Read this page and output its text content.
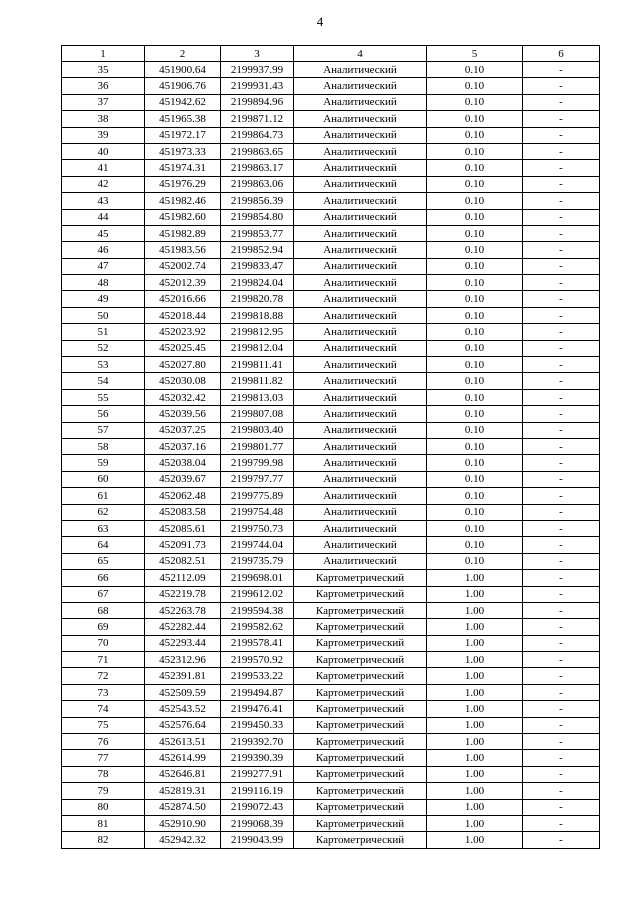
4
1	2	3	4	5	6
35	451900.64	2199937.99	Аналитический	0.10	-
36	451906.76	2199931.43	Аналитический	0.10	-
37	451942.62	2199894.96	Аналитический	0.10	-
38	451965.38	2199871.12	Аналитический	0.10	-
39	451972.17	2199864.73	Аналитический	0.10	-
40	451973.33	2199863.65	Аналитический	0.10	-
41	451974.31	2199863.17	Аналитический	0.10	-
42	451976.29	2199863.06	Аналитический	0.10	-
43	451982.46	2199856.39	Аналитический	0.10	-
44	451982.60	2199854.80	Аналитический	0.10	-
45	451982.89	2199853.77	Аналитический	0.10	-
46	451983.56	2199852.94	Аналитический	0.10	-
47	452002.74	2199833.47	Аналитический	0.10	-
48	452012.39	2199824.04	Аналитический	0.10	-
49	452016.66	2199820.78	Аналитический	0.10	-
50	452018.44	2199818.88	Аналитический	0.10	-
51	452023.92	2199812.95	Аналитический	0.10	-
52	452025.45	2199812.04	Аналитический	0.10	-
53	452027.80	2199811.41	Аналитический	0.10	-
54	452030.08	2199811.82	Аналитический	0.10	-
55	452032.42	2199813.03	Аналитический	0.10	-
56	452039.56	2199807.08	Аналитический	0.10	-
57	452037.25	2199803.40	Аналитический	0.10	-
58	452037.16	2199801.77	Аналитический	0.10	-
59	452038.04	2199799.98	Аналитический	0.10	-
60	452039.67	2199797.77	Аналитический	0.10	-
61	452062.48	2199775.89	Аналитический	0.10	-
62	452083.58	2199754.48	Аналитический	0.10	-
63	452085.61	2199750.73	Аналитический	0.10	-
64	452091.73	2199744.04	Аналитический	0.10	-
65	452082.51	2199735.79	Аналитический	0.10	-
66	452112.09	2199698.01	Картометрический	1.00	-
67	452219.78	2199612.02	Картометрический	1.00	-
68	452263.78	2199594.38	Картометрический	1.00	-
69	452282.44	2199582.62	Картометрический	1.00	-
70	452293.44	2199578.41	Картометрический	1.00	-
71	452312.96	2199570.92	Картометрический	1.00	-
72	452391.81	2199533.22	Картометрический	1.00	-
73	452509.59	2199494.87	Картометрический	1.00	-
74	452543.52	2199476.41	Картометрический	1.00	-
75	452576.64	2199450.33	Картометрический	1.00	-
76	452613.51	2199392.70	Картометрический	1.00	-
77	452614.99	2199390.39	Картометрический	1.00	-
78	452646.81	2199277.91	Картометрический	1.00	-
79	452819.31	2199116.19	Картометрический	1.00	-
80	452874.50	2199072.43	Картометрический	1.00	-
81	452910.90	2199068.39	Картометрический	1.00	-
82	452942.32	2199043.99	Картометрический	1.00	-
